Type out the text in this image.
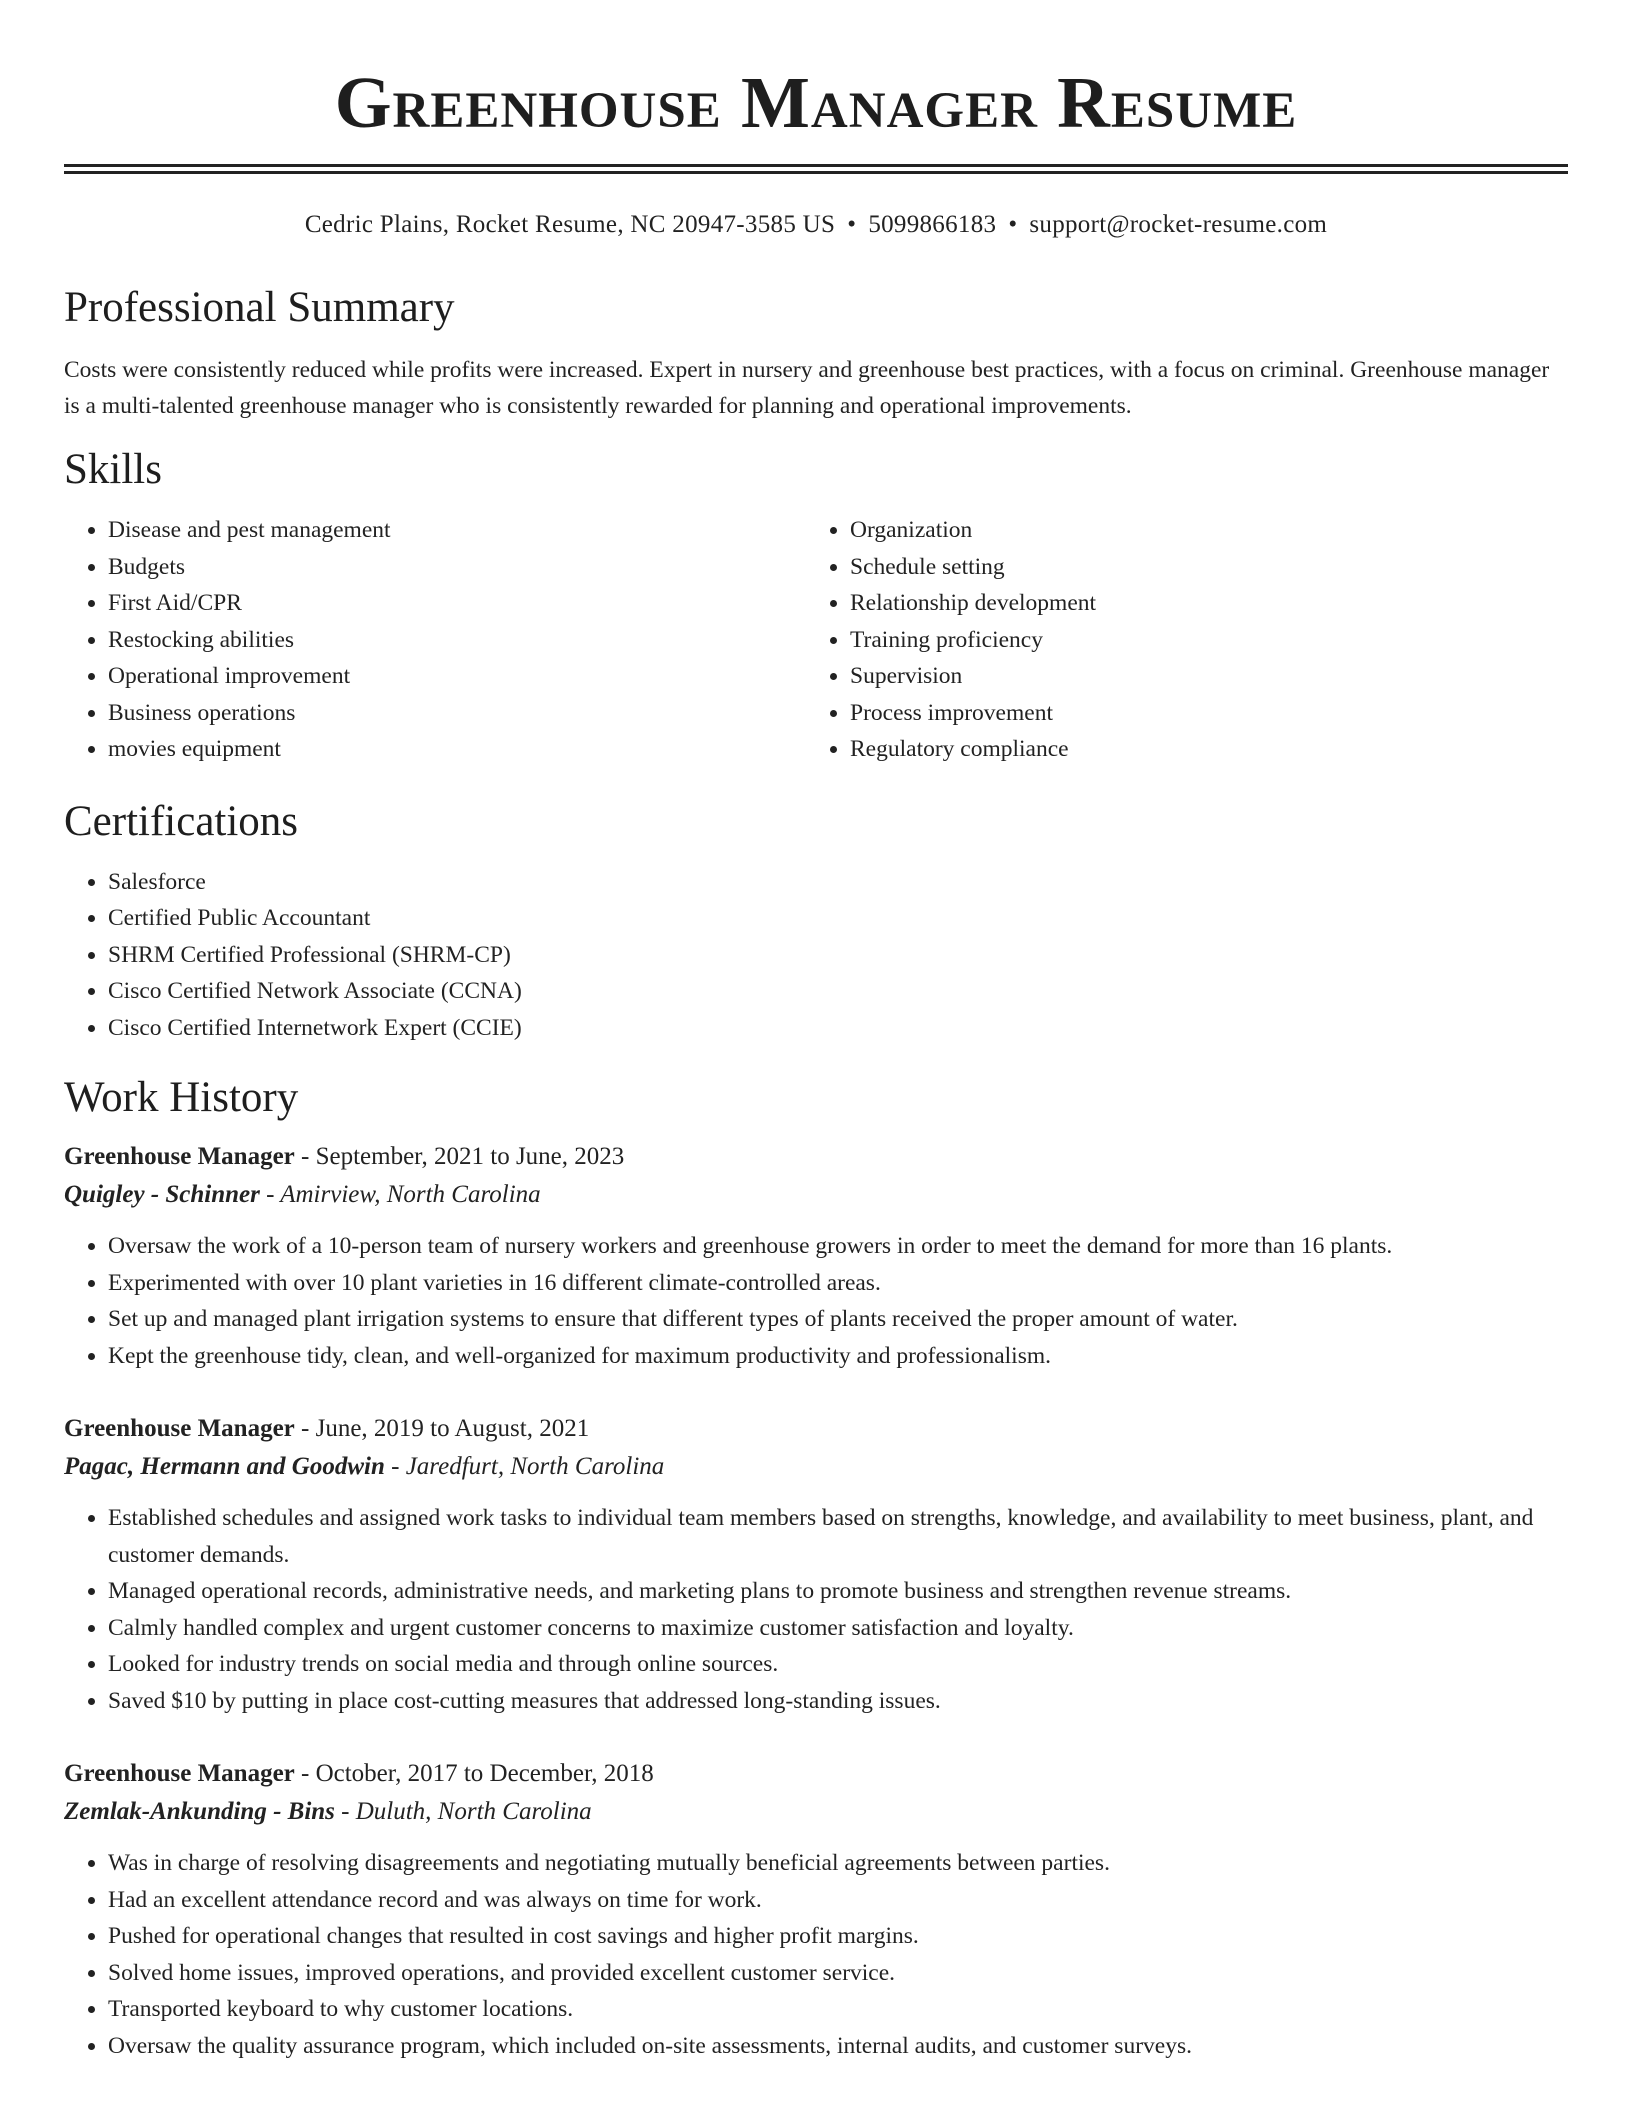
Greenhouse Manager Resume
Cedric Plains, Rocket Resume, NC 20947-3585 US • 5099866183 • support@rocket-resume.com
Professional Summary

Costs were consistently reduced while profits were increased. Expert in nursery and greenhouse best practices, with a focus on criminal. Greenhouse manager is a multi-talented greenhouse manager who is consistently rewarded for planning and operational improvements.

Skills
• Disease and pest management
• Budgets
• First Aid/CPR
• Restocking abilities
• Operational improvement
• Business operations
• movies equipment
• Organization
• Schedule setting
• Relationship development
• Training proficiency
• Supervision
• Process improvement
• Regulatory compliance
Certifications
• Salesforce
• Certified Public Accountant
• SHRM Certified Professional (SHRM-CP)
• Cisco Certified Network Associate (CCNA)
• Cisco Certified Internetwork Expert (CCIE)
Work History
Greenhouse Manager - September, 2021 to June, 2023
Quigley - Schinner - Amirview, North Carolina
• Oversaw the work of a 10-person team of nursery workers and greenhouse growers in order to meet the demand for more than 16 plants.
• Experimented with over 10 plant varieties in 16 different climate-controlled areas.
• Set up and managed plant irrigation systems to ensure that different types of plants received the proper amount of water.
• Kept the greenhouse tidy, clean, and well-organized for maximum productivity and professionalism.
Greenhouse Manager - June, 2019 to August, 2021
Pagac, Hermann and Goodwin - Jaredfurt, North Carolina
• Established schedules and assigned work tasks to individual team members based on strengths, knowledge, and availability to meet business, plant, and customer demands.
• Managed operational records, administrative needs, and marketing plans to promote business and strengthen revenue streams.
• Calmly handled complex and urgent customer concerns to maximize customer satisfaction and loyalty.
• Looked for industry trends on social media and through online sources.
• Saved $10 by putting in place cost-cutting measures that addressed long-standing issues.
Greenhouse Manager - October, 2017 to December, 2018
Zemlak-Ankunding - Bins - Duluth, North Carolina
• Was in charge of resolving disagreements and negotiating mutually beneficial agreements between parties.
• Had an excellent attendance record and was always on time for work.
• Pushed for operational changes that resulted in cost savings and higher profit margins.
• Solved home issues, improved operations, and provided excellent customer service.
• Transported keyboard to why customer locations.
• Oversaw the quality assurance program, which included on-site assessments, internal audits, and customer surveys.
